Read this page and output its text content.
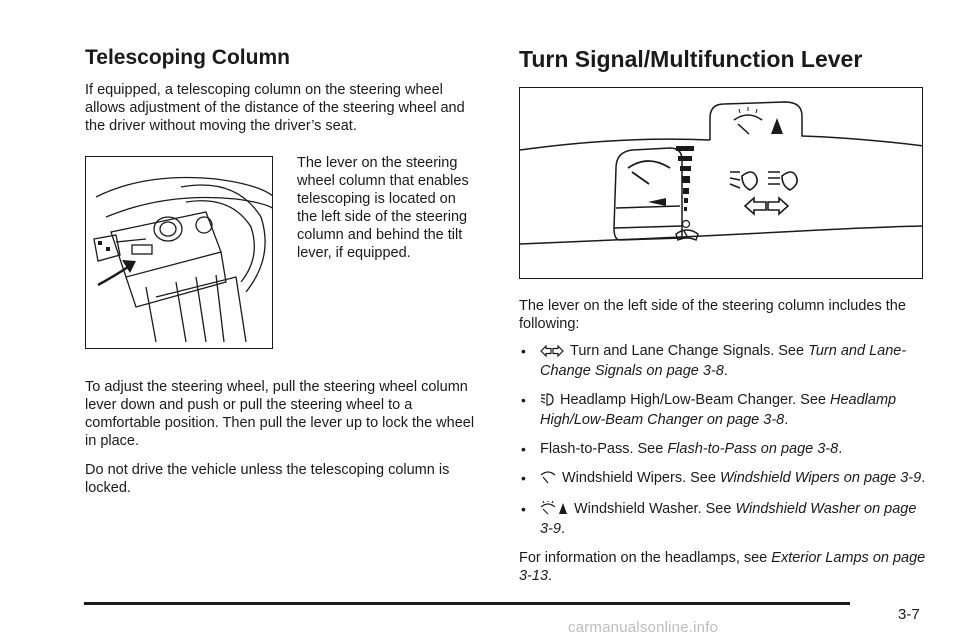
Telescoping Column

If equipped, a telescoping column on the steering wheel allows adjustment of the distance of the steering wheel and the driver without moving the driver’s seat.

The lever on the steering wheel column that enables telescoping is located on the left side of the steering column and behind the tilt lever, if equipped.

To adjust the steering wheel, pull the steering wheel column lever down and push or pull the steering wheel to a comfortable position. Then pull the lever up to lock the wheel in place.

Do not drive the vehicle unless the telescoping column is locked.

Turn Signal/Multifunction Lever

The lever on the left side of the steering column includes the following:

•	Turn and Lane Change Signals. See Turn and Lane-Change Signals on page 3-8.
• Headlamp High/Low-Beam Changer. See Headlamp High/Low-Beam Changer on page 3-8.
• Flash-to-Pass. See Flash-to-Pass on page 3-8.
• Windshield Wipers. See Windshield Wipers on page 3-9.
•	Windshield Washer. See Windshield Washer on page 3-9.

For information on the headlamps, see Exterior Lamps on page 3-13.

3-7
carmanualsonline.info
